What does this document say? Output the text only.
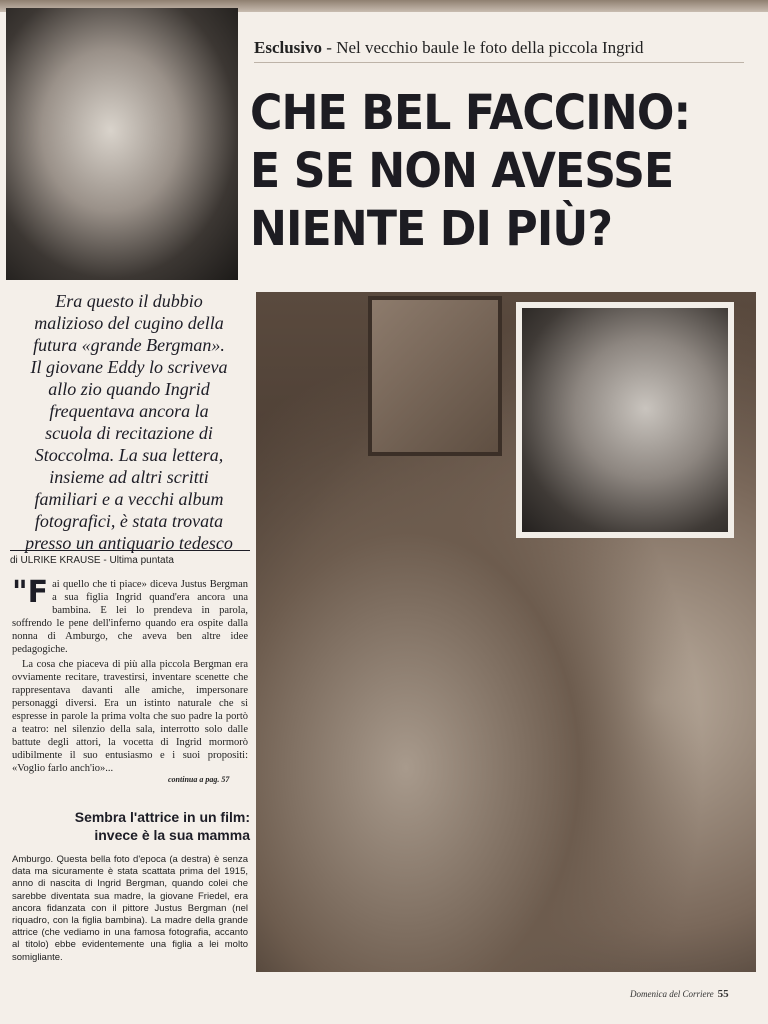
Esclusivo - Nel vecchio baule le foto della piccola Ingrid
CHE BEL FACCINO:
E SE NON AVESSE
NIENTE DI PIÙ?
Era questo il dubbio
malizioso del cugino della
futura «grande Bergman».
Il giovane Eddy lo scriveva
allo zio quando Ingrid
frequentava ancora la
scuola di recitazione di
Stoccolma. La sua lettera,
insieme ad altri scritti
familiari e a vecchi album
fotografici, è stata trovata
presso un antiquario tedesco
di ULRIKE KRAUSE - Ultima puntata

"Fai quello che ti piace» diceva Justus Bergman a sua figlia Ingrid quand'era ancora una bambina. E lei lo prendeva in parola, soffrendo le pene dell'inferno quando era ospite dalla nonna di Amburgo, che aveva ben altre idee pedagogiche.

La cosa che piaceva di più alla piccola Bergman era ovviamente recitare, travestirsi, inventare scenette che rappresentava davanti alle amiche, impersonare personaggi diversi. Era un istinto naturale che si espresse in parole la prima volta che suo padre la portò a teatro: nel silenzio della sala, interrotto solo dalle battute degli attori, la vocetta di Ingrid mormorò udibilmente il suo entusiasmo e i suoi propositi: «Voglio farlo anch'io»...

continua a pag. 57
Sembra l'attrice in un film:
invece è la sua mamma
Amburgo. Questa bella foto d'epoca (a destra) è senza data ma sicuramente è stata scattata prima del 1915, anno di nascita di Ingrid Bergman, quando colei che sarebbe diventata sua madre, la giovane Friedel, era ancora fidanzata con il pittore Justus Bergman (nel riquadro, con la figlia bambina). La madre della grande attrice (che vediamo in una famosa fotografia, accanto al titolo) ebbe evidentemente una figlia a lei molto somigliante.
Domenica del Corriere 55
